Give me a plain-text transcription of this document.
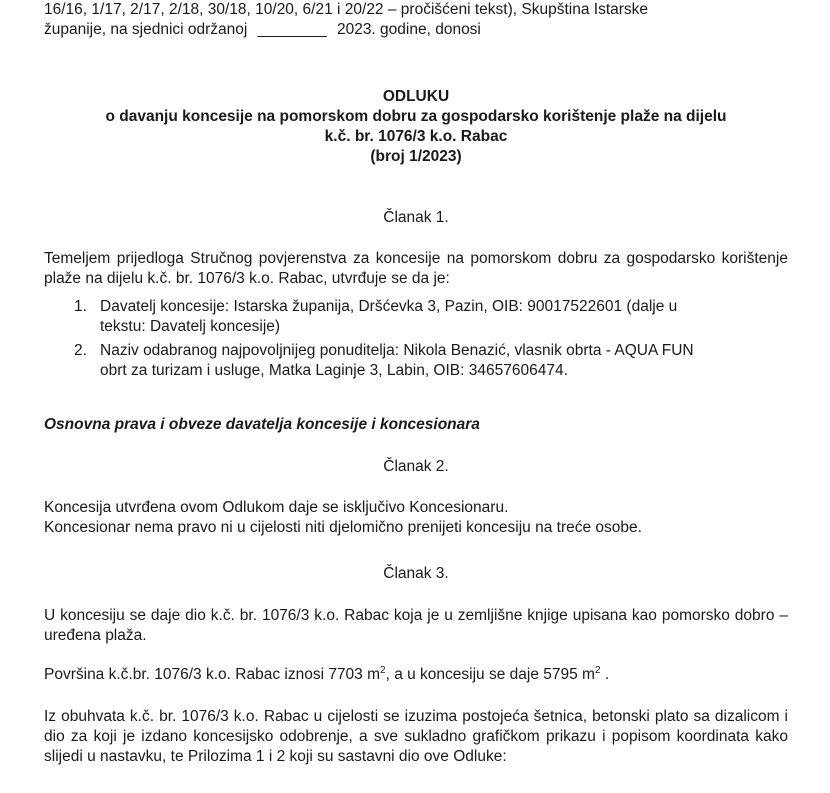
16/16, 1/17, 2/17, 2/18, 30/18, 10/20, 6/21 i 20/22 – pročišćeni tekst), Skupština Istarske

županije, na sjednici održanoj ________ 2023. godine, donosi

ODLUKU

o davanju koncesije na pomorskom dobru za gospodarsko korištenje plaže na dijelu

k.č. br. 1076/3 k.o. Rabac

(broj 1/2023)

Članak 1.

Temeljem prijedloga Stručnog povjerenstva za koncesije na pomorskom dobru za gospodarsko korištenje plaže na dijelu k.č. br. 1076/3 k.o. Rabac, utvrđuje se da je:

1. Davatelj koncesije: Istarska županija, Dršćevka 3, Pazin, OIB: 90017522601 (dalje u
tekstu: Davatelj koncesije)
2. Naziv odabranog najpovoljnijeg ponuditelja: Nikola Benazić, vlasnik obrta - AQUA FUN
obrt za turizam i usluge, Matka Laginje 3, Labin, OIB: 34657606474.

Osnovna prava i obveze davatelja koncesije i koncesionara

Članak 2.

Koncesija utvrđena ovom Odlukom daje se isključivo Koncesionaru.

Koncesionar nema pravo ni u cijelosti niti djelomično prenijeti koncesiju na treće osobe.

Članak 3.

U koncesiju se daje dio k.č. br. 1076/3 k.o. Rabac koja je u zemljišne knjige upisana kao pomorsko dobro – uređena plaža.

Površina k.č.br. 1076/3 k.o. Rabac iznosi 7703 $m^2$, a u koncesiju se daje 5795 $m^2$ .

Iz obuhvata k.č. br. 1076/3 k.o. Rabac u cijelosti se izuzima postojeća šetnica, betonski plato sa dizalicom i dio za koji je izdano koncesijsko odobrenje, a sve sukladno grafičkom prikazu i popisom koordinata kako slijedi u nastavku, te Prilozima 1 i 2 koji su sastavni dio ove Odluke:
